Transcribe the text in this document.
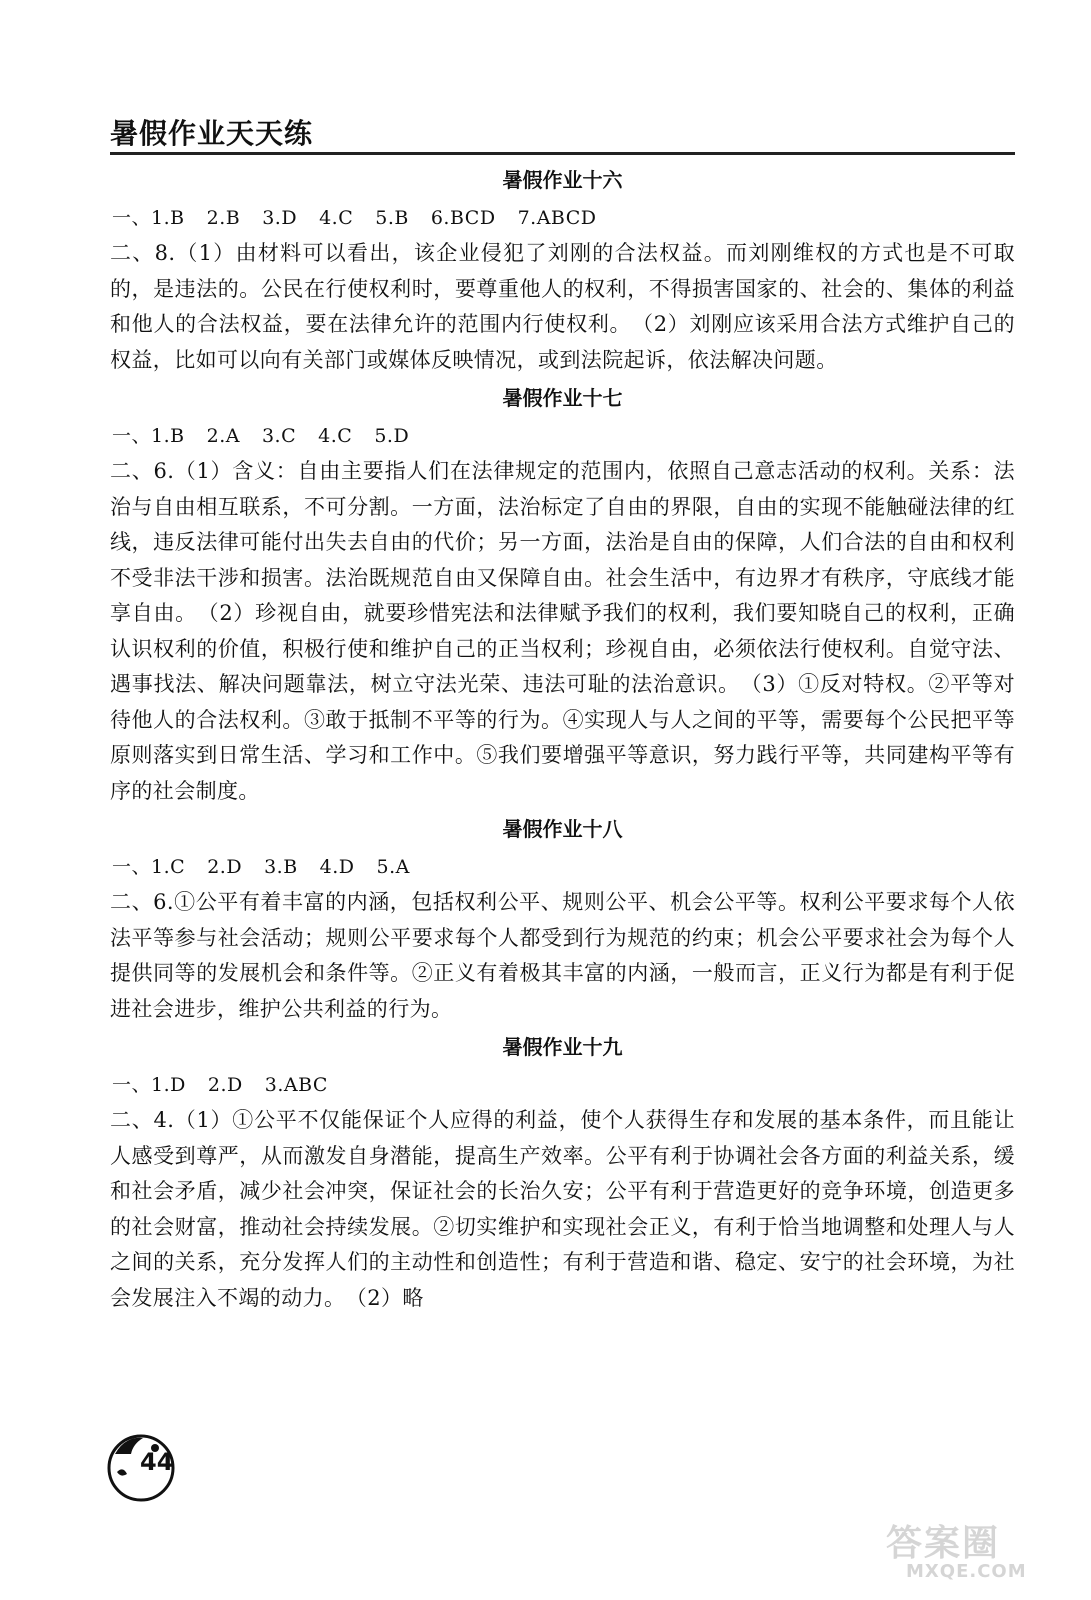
暑假作业天天练
暑假作业十六
一、1.B 2.B 3.D 4.C 5.B 6.BCD 7.ABCD

二、8.（1）由材料可以看出，该企业侵犯了刘刚的合法权益。而刘刚维权的方式也是不可取的，是违法的。公民在行使权利时，要尊重他人的权利，不得损害国家的、社会的、集体的利益和他人的合法权益，要在法律允许的范围内行使权利。　（2）刘刚应该采用合法方式维护自己的权益，比如可以向有关部门或媒体反映情况，或到法院起诉，依法解决问题。

暑假作业十七
一、1.B 2.A 3.C 4.C 5.D

二、6.（1）含义：自由主要指人们在法律规定的范围内，依照自己意志活动的权利。关系：法治与自由相互联系，不可分割。一方面，法治标定了自由的界限，自由的实现不能触碰法律的红线，违反法律可能付出失去自由的代价；另一方面，法治是自由的保障，人们合法的自由和权利不受非法干涉和损害。法治既规范自由又保障自由。社会生活中，有边界才有秩序，守底线才能享自由。　（2）珍视自由，就要珍惜宪法和法律赋予我们的权利，我们要知晓自己的权利，正确认识权利的价值，积极行使和维护自己的正当权利；珍视自由，必须依法行使权利。自觉守法、遇事找法、解决问题靠法，树立守法光荣、违法可耻的法治意识。　（3）①反对特权。②平等对待他人的合法权利。③敢于抵制不平等的行为。④实现人与人之间的平等，需要每个公民把平等原则落实到日常生活、学习和工作中。⑤我们要增强平等意识，努力践行平等，共同建构平等有序的社会制度。

暑假作业十八
一、1.C 2.D 3.B 4.D 5.A

二、6.①公平有着丰富的内涵，包括权利公平、规则公平、机会公平等。权利公平要求每个人依法平等参与社会活动；规则公平要求每个人都受到行为规范的约束；机会公平要求社会为每个人提供同等的发展机会和条件等。②正义有着极其丰富的内涵，一般而言，正义行为都是有利于促进社会进步，维护公共利益的行为。

暑假作业十九
一、1.D 2.D 3.ABC

二、4.（1）①公平不仅能保证个人应得的利益，使个人获得生存和发展的基本条件，而且能让人感受到尊严，从而激发自身潜能，提高生产效率。公平有利于协调社会各方面的利益关系，缓和社会矛盾，减少社会冲突，保证社会的长治久安；公平有利于营造更好的竞争环境，创造更多的社会财富，推动社会持续发展。②切实维护和实现社会正义，有利于恰当地调整和处理人与人之间的关系，充分发挥人们的主动性和创造性；有利于营造和谐、稳定、安宁的社会环境，为社会发展注入不竭的动力。　（2）略

44
答案圈
MXQE.COM
